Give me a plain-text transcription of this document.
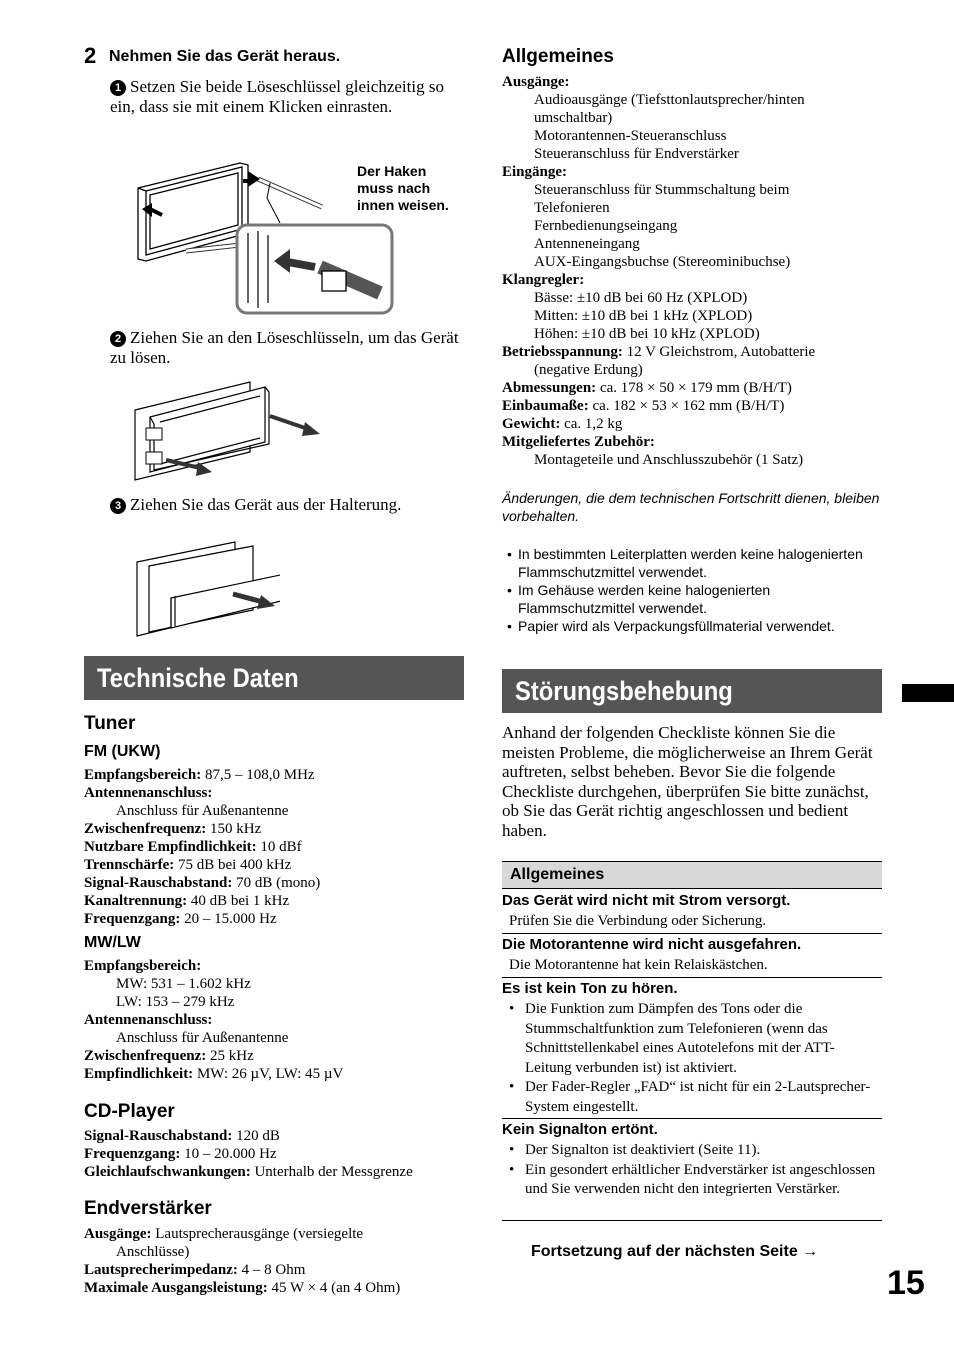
2 Nehmen Sie das Gerät heraus.
1 Setzen Sie beide Löseschlüssel gleichzeitig so ein, dass sie mit einem Klicken einrasten.
Der Haken
muss nach
innen weisen.
2 Ziehen Sie an den Löseschlüsseln, um das Gerät zu lösen.
3 Ziehen Sie das Gerät aus der Halterung.
Technische Daten
Tuner
FM (UKW)
Empfangsbereich: 87,5 – 108,0 MHz
Antennenanschluss:
Anschluss für Außenantenne
Zwischenfrequenz: 150 kHz
Nutzbare Empfindlichkeit: 10 dBf
Trennschärfe: 75 dB bei 400 kHz
Signal-Rauschabstand: 70 dB (mono)
Kanaltrennung: 40 dB bei 1 kHz
Frequenzgang: 20 – 15.000 Hz
MW/LW
Empfangsbereich:
MW: 531 – 1.602 kHz
LW: 153 – 279 kHz
Antennenanschluss:
Anschluss für Außenantenne
Zwischenfrequenz: 25 kHz
Empfindlichkeit: MW: 26 µV, LW: 45 µV
CD-Player
Signal-Rauschabstand: 120 dB
Frequenzgang: 10 – 20.000 Hz
Gleichlaufschwankungen: Unterhalb der Messgrenze
Endverstärker
Ausgänge: Lautsprecherausgänge (versiegelte
Anschlüsse)
Lautsprecherimpedanz: 4 – 8 Ohm
Maximale Ausgangsleistung: 45 W × 4 (an 4 Ohm)
Allgemeines
Ausgänge:
Audioausgänge (Tiefsttonlautsprecher/hinten
umschaltbar)
Motorantennen-Steueranschluss
Steueranschluss für Endverstärker
Eingänge:
Steueranschluss für Stummschaltung beim
Telefonieren
Fernbedienungseingang
Antenneneingang
AUX-Eingangsbuchse (Stereominibuchse)
Klangregler:
Bässe: ±10 dB bei 60 Hz (XPLOD)
Mitten: ±10 dB bei 1 kHz (XPLOD)
Höhen: ±10 dB bei 10 kHz (XPLOD)
Betriebsspannung: 12 V Gleichstrom, Autobatterie
(negative Erdung)
Abmessungen: ca. 178 × 50 × 179 mm (B/H/T)
Einbaumaße: ca. 182 × 53 × 162 mm (B/H/T)
Gewicht: ca. 1,2 kg
Mitgeliefertes Zubehör:
Montageteile und Anschlusszubehör (1 Satz)
Änderungen, die dem technischen Fortschritt dienen, bleiben vorbehalten.
• In bestimmten Leiterplatten werden keine halogenierten Flammschutzmittel verwendet.
• Im Gehäuse werden keine halogenierten Flammschutzmittel verwendet.
• Papier wird als Verpackungsfüllmaterial verwendet.
Störungsbehebung
Anhand der folgenden Checkliste können Sie die meisten Probleme, die möglicherweise an Ihrem Gerät auftreten, selbst beheben. Bevor Sie die folgende Checkliste durchgehen, überprüfen Sie bitte zunächst, ob Sie das Gerät richtig angeschlossen und bedient haben.
Allgemeines
Das Gerät wird nicht mit Strom versorgt.
Prüfen Sie die Verbindung oder Sicherung.
Die Motorantenne wird nicht ausgefahren.
Die Motorantenne hat kein Relaiskästchen.
Es ist kein Ton zu hören.
• Die Funktion zum Dämpfen des Tons oder die Stummschaltfunktion zum Telefonieren (wenn das Schnittstellenkabel eines Autotelefons mit der ATT-Leitung verbunden ist) ist aktiviert.
• Der Fader-Regler „FAD“ ist nicht für ein 2-Lautsprecher-System eingestellt.
Kein Signalton ertönt.
• Der Signalton ist deaktiviert (Seite 11).
• Ein gesondert erhältlicher Endverstärker ist angeschlossen und Sie verwenden nicht den integrierten Verstärker.
Fortsetzung auf der nächsten Seite →
15
